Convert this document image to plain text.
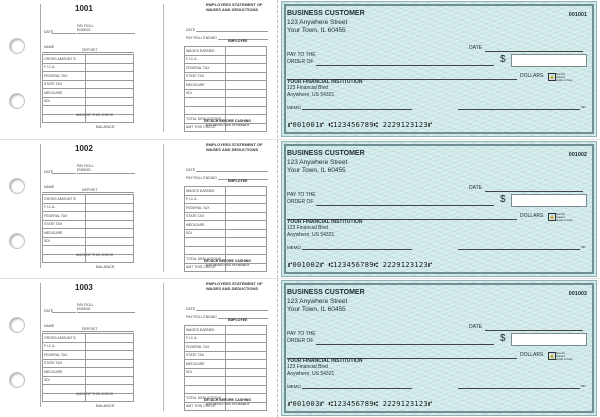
1001
DATE
PAY ROLL
ENDING
NAME
DEPOSIT
GROSS AMOUNT $	
F.I.C.A.	
FEDERAL TAX	
STATE TAX	
MEDICARE	
SDI	

AMOUNT THIS CHECK
BALANCE
EMPLOYEES STATEMENT OF
WAGES AND DEDUCTIONS
DATE
PAY ROLL ENDING
EMPLOYEE
WAGES EARNED	
F.I.C.A.	
FEDERAL TAX	
STATE TAX	
MEDICARE	
SDI	

TOTAL DEDUCTIONS	
AMT THIS CHECK	
DETACH BEFORE CASHING
AND RETAIN THIS STATEMENT
BUSINESS CUSTOMER
123 Anywhere Street
Your Town, IL 60455
001001
DATE
PAY TO THE
ORDER OF	$
DOLLARS	🔒 Security
features
details on back
YOUR FINANCIAL INSTITUTION
123 Financial Blvd
Anywhere, US 54321
MEMO	MP
⑈001001⑈ ⑆123456789⑆ 2229123123⑈
1002
DATE
PAY ROLL
ENDING
NAME
DEPOSIT
GROSS AMOUNT $	
F.I.C.A.	
FEDERAL TAX	
STATE TAX	
MEDICARE	
SDI	

AMOUNT THIS CHECK
BALANCE
EMPLOYEES STATEMENT OF
WAGES AND DEDUCTIONS
DATE
PAY ROLL ENDING
EMPLOYEE
WAGES EARNED	
F.I.C.A.	
FEDERAL TAX	
STATE TAX	
MEDICARE	
SDI	

TOTAL DEDUCTIONS	
AMT THIS CHECK	
DETACH BEFORE CASHING
AND RETAIN THIS STATEMENT
BUSINESS CUSTOMER
123 Anywhere Street
Your Town, IL 60455
001002
DATE
PAY TO THE
ORDER OF	$
DOLLARS	🔒 Security
features
details on back
YOUR FINANCIAL INSTITUTION
123 Financial Blvd
Anywhere, US 54321
MEMO	MP
⑈001002⑈ ⑆123456789⑆ 2229123123⑈
1003
DATE
PAY ROLL
ENDING
NAME
DEPOSIT
GROSS AMOUNT $	
F.I.C.A.	
FEDERAL TAX	
STATE TAX	
MEDICARE	
SDI	

AMOUNT THIS CHECK
BALANCE
EMPLOYEES STATEMENT OF
WAGES AND DEDUCTIONS
DATE
PAY ROLL ENDING
EMPLOYEE
WAGES EARNED	
F.I.C.A.	
FEDERAL TAX	
STATE TAX	
MEDICARE	
SDI	

TOTAL DEDUCTIONS	
AMT THIS CHECK	
DETACH BEFORE CASHING
AND RETAIN THIS STATEMENT
BUSINESS CUSTOMER
123 Anywhere Street
Your Town, IL 60455
001003
DATE
PAY TO THE
ORDER OF	$
DOLLARS	🔒 Security
features
details on back
YOUR FINANCIAL INSTITUTION
123 Financial Blvd
Anywhere, US 54321
MEMO	MP
⑈001003⑈ ⑆123456789⑆ 2229123123⑈
